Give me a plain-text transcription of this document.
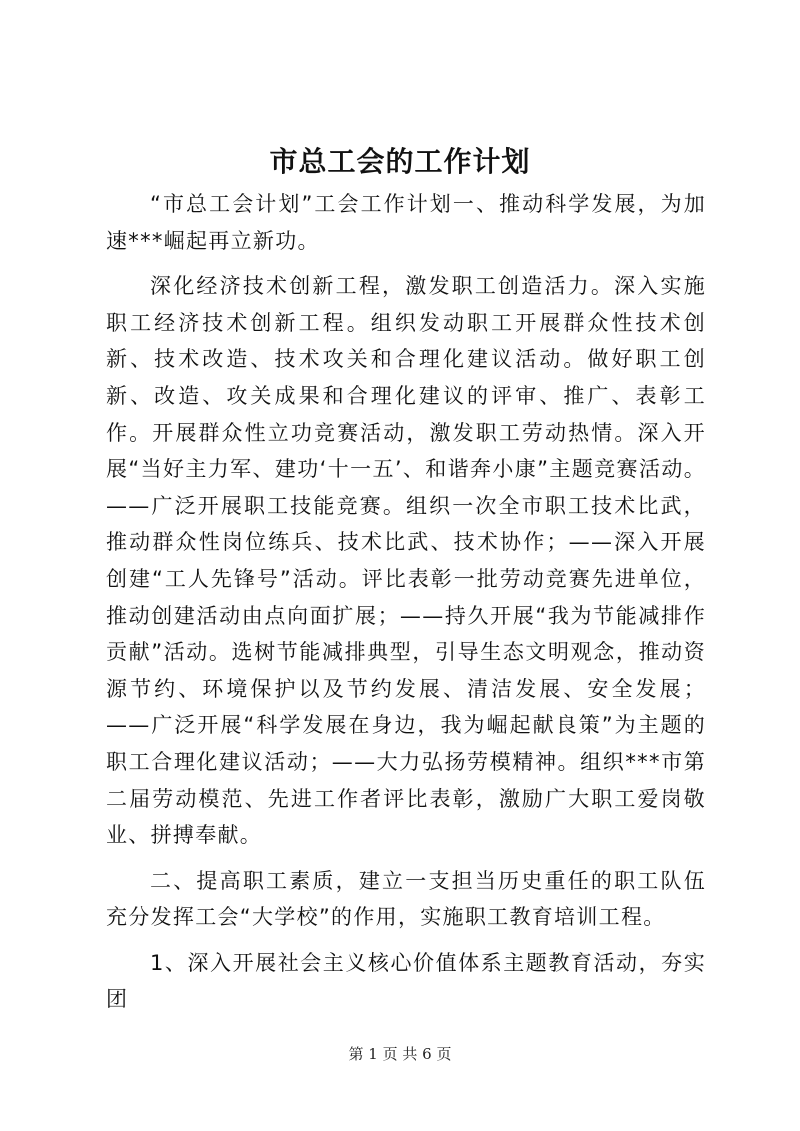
市总工会的工作计划

“市总工会计划”工会工作计划一、推动科学发展，为加速***崛起再立新功。

深化经济技术创新工程，激发职工创造活力。深入实施职工经济技术创新工程。组织发动职工开展群众性技术创新、技术改造、技术攻关和合理化建议活动。做好职工创新、改造、攻关成果和合理化建议的评审、推广、表彰工作。开展群众性立功竞赛活动，激发职工劳动热情。深入开展“当好主力军、建功‘十一五’、和谐奔小康”主题竞赛活动。——广泛开展职工技能竞赛。组织一次全市职工技术比武，推动群众性岗位练兵、技术比武、技术协作；——深入开展创建“工人先锋号”活动。评比表彰一批劳动竞赛先进单位，推动创建活动由点向面扩展；——持久开展“我为节能减排作贡献”活动。选树节能减排典型，引导生态文明观念，推动资源节约、环境保护以及节约发展、清洁发展、安全发展；——广泛开展“科学发展在身边，我为崛起献良策”为主题的职工合理化建议活动；——大力弘扬劳模精神。组织***市第二届劳动模范、先进工作者评比表彰，激励广大职工爱岗敬业、拼搏奉献。

二、提高职工素质，建立一支担当历史重任的职工队伍充分发挥工会“大学校”的作用，实施职工教育培训工程。

1、深入开展社会主义核心价值体系主题教育活动，夯实团

第 1 页 共 6 页
